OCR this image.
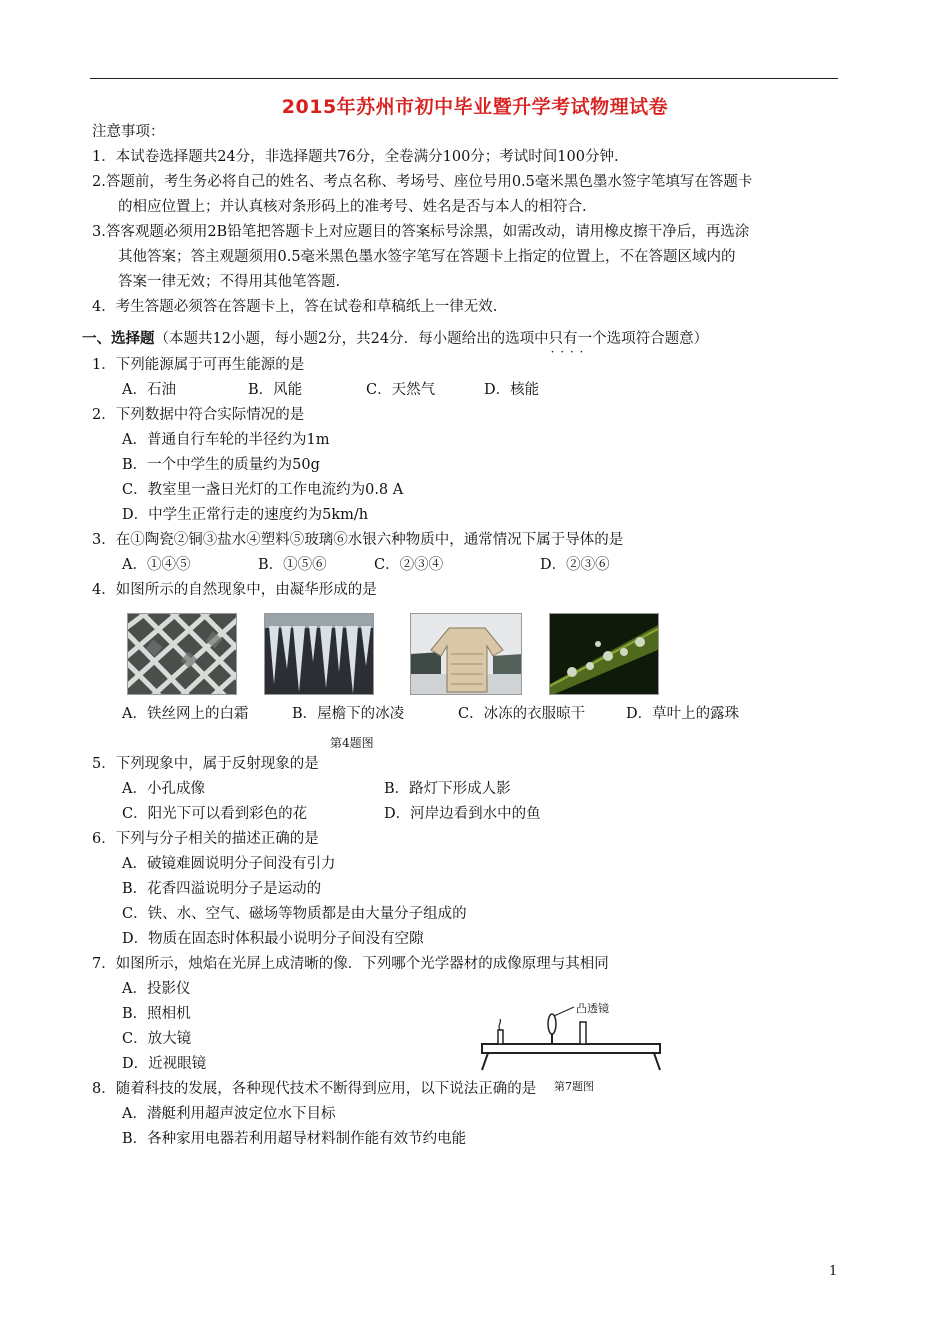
2015年苏州市初中毕业暨升学考试物理试卷
注意事项：
1．本试卷选择题共24分，非选择题共76分，全卷满分100分；考试时间100分钟.
2.答题前，考生务必将自己的姓名、考点名称、考场号、座位号用0.5毫米黑色墨水签字笔填写在答题卡
的相应位置上；并认真核对条形码上的准考号、姓名是否与本人的相符合.
3.答客观题必须用2B铅笔把答题卡上对应题目的答案标号涂黑，如需改动，请用橡皮擦干净后，再选涂
其他答案；答主观题须用0.5毫米黑色墨水签字笔写在答题卡上指定的位置上，不在答题区域内的
答案一律无效；不得用其他笔答题.
4．考生答题必须答在答题卡上，答在试卷和草稿纸上一律无效.
一、选择题（本题共12小题，每小题2分，共24分．每小题给出的选项中只有一个 · · · ·选项符合题意）
1．下列能源属于可再生能源的是
A．石油	B．风能	C．天然气	D．核能
2．下列数据中符合实际情况的是
A．普通自行车轮的半径约为1m
B．一个中学生的质量约为50g
C．教室里一盏日光灯的工作电流约为0.8 A
D．中学生正常行走的速度约为5km/h
3．在①陶瓷②铜③盐水④塑料⑤玻璃⑥水银六种物质中，通常情况下属于导体的是
A．①④⑤	B．①⑤⑥	C．②③④	D．②③⑥
4．如图所示的自然现象中，由凝华形成的是
A．铁丝网上的白霜	B．屋檐下的冰凌	C．冰冻的衣服晾干	D．草叶上的露珠
第4题图
5．下列现象中，属于反射现象的是
A．小孔成像	B．路灯下形成人影
C．阳光下可以看到彩色的花	D．河岸边看到水中的鱼
6．下列与分子相关的描述正确的是
A．破镜难圆说明分子间没有引力
B．花香四溢说明分子是运动的
C．铁、水、空气、磁场等物质都是由大量分子组成的
D．物质在固态时体积最小说明分子间没有空隙
7．如图所示，烛焰在光屏上成清晰的像．下列哪个光学器材的成像原理与其相同
A．投影仪
B．照相机
C．放大镜
D．近视眼镜
凸透镜
第7题图
8．随着科技的发展，各种现代技术不断得到应用，以下说法正确的是
A．潜艇利用超声波定位水下目标
B．各种家用电器若利用超导材料制作能有效节约电能
1
